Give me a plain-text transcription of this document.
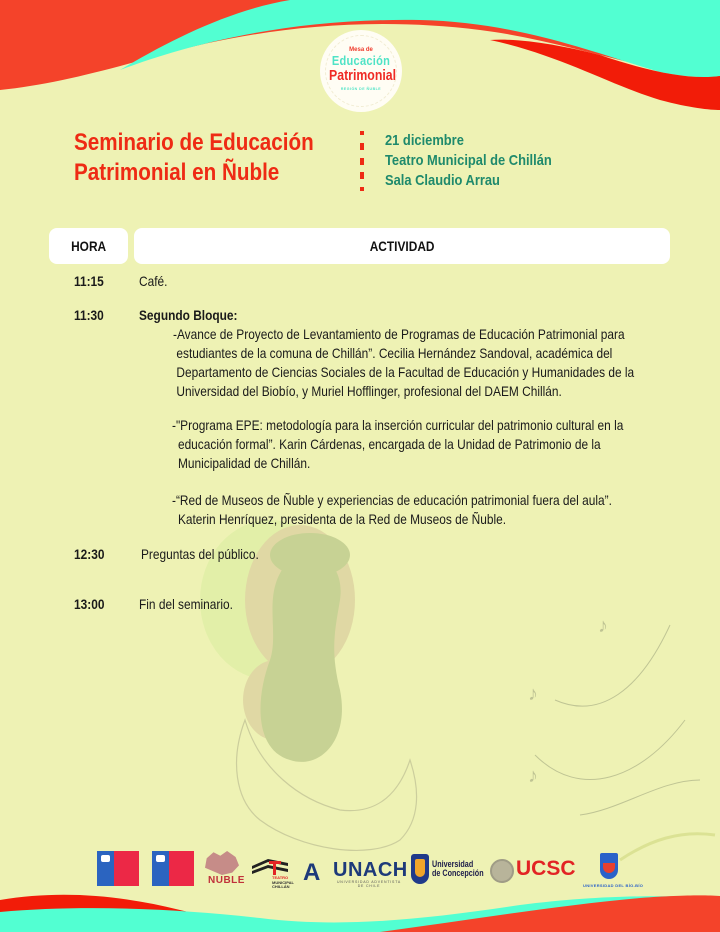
♪
♪
♪
Mesa de
Educación
Patrimonial
REGIÓN DE ÑUBLE
Seminario de Educación
Patrimonial en Ñuble
21 diciembre
Teatro Municipal de Chillán
Sala Claudio Arrau
HORA	ACTIVIDAD
11:15	Café.
11:30	Segundo Bloque:
-Avance de Proyecto de Levantamiento de Programas de Educación Patrimonial para
estudiantes de la comuna de Chillán”. Cecilia Hernández Sandoval, académica del
Departamento de Ciencias Sociales de la Facultad de Educación y Humanidades de la
Universidad del Biobío, y Muriel Hofflinger, profesional del DAEM Chillán.
-"Programa EPE: metodología para la inserción curricular del patrimonio cultural en la
educación formal”. Karin Cárdenas, encargada de la Unidad de Patrimonio de la
Municipalidad de Chillán.
-“Red de Museos de Ñuble y experiencias de educación patrimonial fuera del aula”.
Katerin Henríquez, presidenta de la Red de Museos de Ñuble.
12:30	Preguntas del público.
13:00 Fin del seminario.
NUBLE	TEATRO
MUNICIPAL
CHILLÁN
A UNACH
UNIVERSIDAD ADVENTISTA DE CHILE
Universidad
de Concepción UCSC
UNIVERSIDAD DEL BÍO-BÍO
